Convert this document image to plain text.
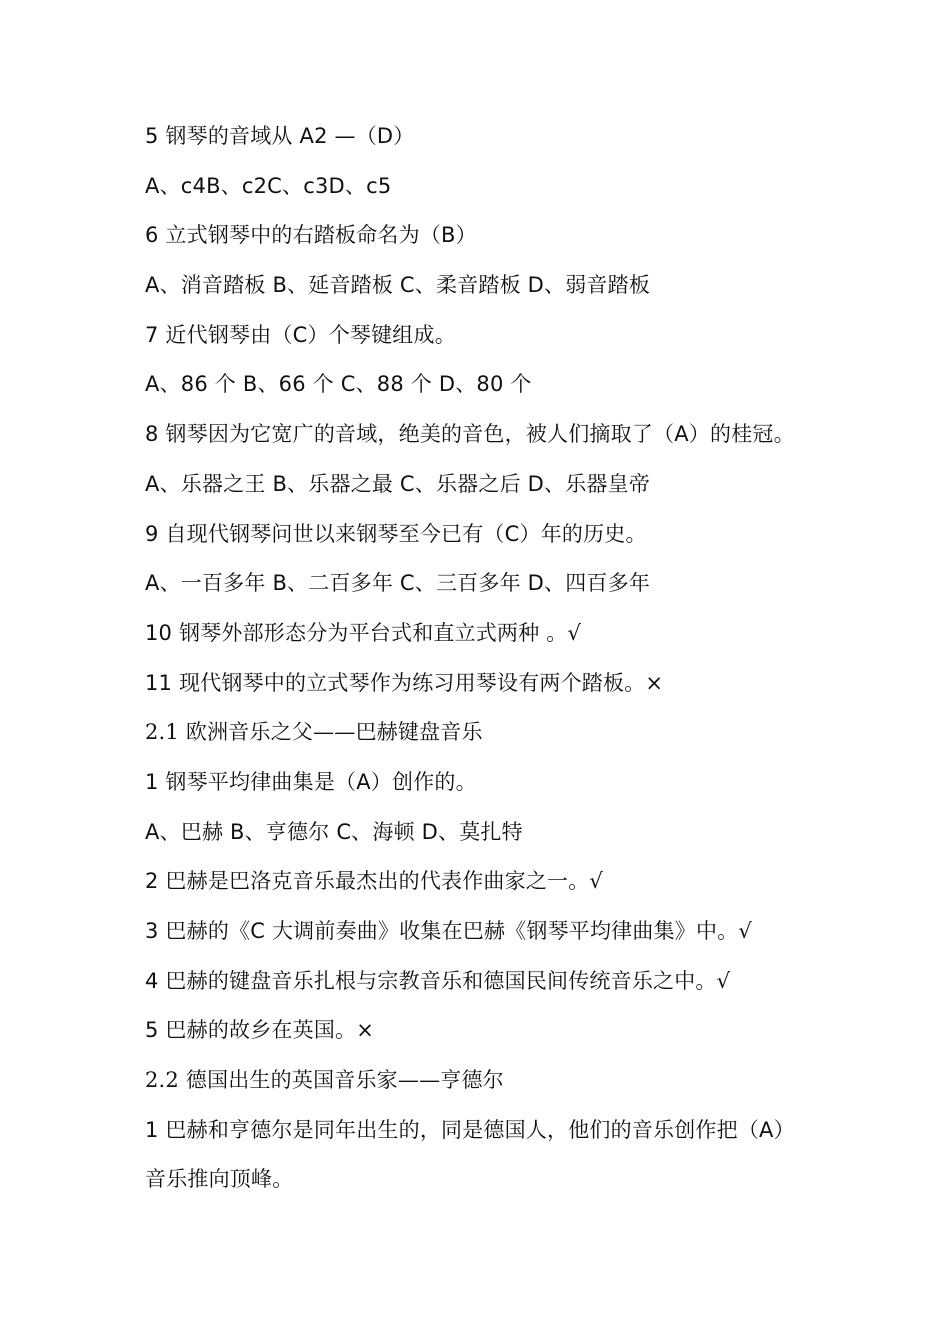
5 钢琴的音域从 A2 —（D）
A、c4B、c2C、c3D、c5
6 立式钢琴中的右踏板命名为（B）
A、消音踏板 B、延音踏板 C、柔音踏板 D、弱音踏板
7 近代钢琴由（C）个琴键组成。
A、86 个 B、66 个 C、88 个 D、80 个
8 钢琴因为它宽广的音域，绝美的音色，被人们摘取了（A）的桂冠。
A、乐器之王 B、乐器之最 C、乐器之后 D、乐器皇帝
9 自现代钢琴问世以来钢琴至今已有（C）年的历史。
A、一百多年 B、二百多年 C、三百多年 D、四百多年
10 钢琴外部形态分为平台式和直立式两种 。√
11 现代钢琴中的立式琴作为练习用琴设有两个踏板。×
2.1 欧洲音乐之父——巴赫键盘音乐
1 钢琴平均律曲集是（A）创作的。
A、巴赫 B、亨德尔 C、海顿 D、莫扎特
2 巴赫是巴洛克音乐最杰出的代表作曲家之一。√
3 巴赫的《C 大调前奏曲》收集在巴赫《钢琴平均律曲集》中。√
4 巴赫的键盘音乐扎根与宗教音乐和德国民间传统音乐之中。√
5 巴赫的故乡在英国。×
2.2 德国出生的英国音乐家——亨德尔
1 巴赫和亨德尔是同年出生的，同是德国人，他们的音乐创作把（A）
音乐推向顶峰。
